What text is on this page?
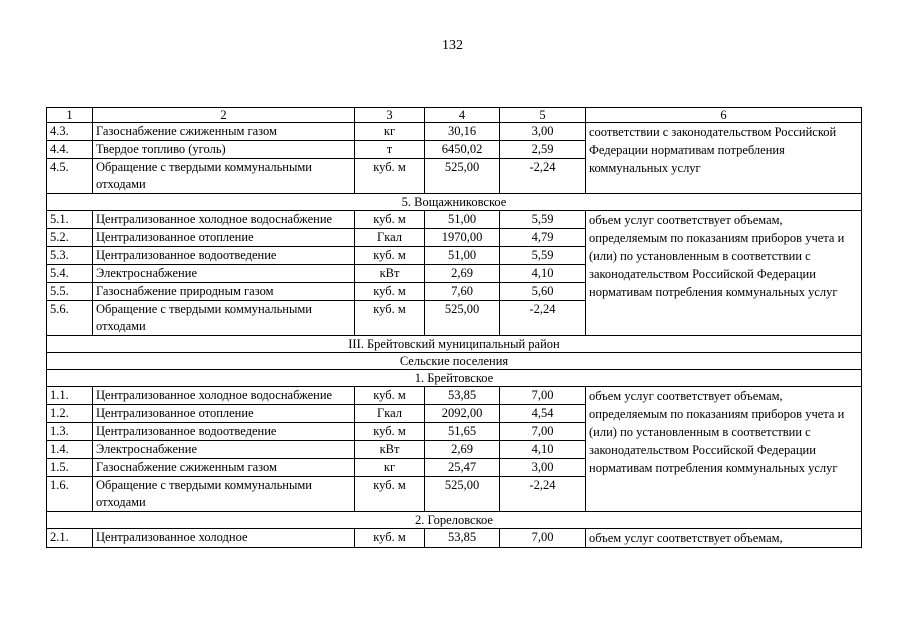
132
1	2	3	4	5	6
4.3.	Газоснабжение сжиженным газом	кг	30,16	3,00	соответствии с законодательством Российской Федерации нормативам потребления коммунальных услуг
4.4.	Твердое топливо (уголь)	т	6450,02	2,59	
4.5.	Обращение с твердыми коммунальными отходами	куб. м	525,00	-2,24	
5. Вощажниковское					
5.1.	Централизованное холодное водоснабжение	куб. м	51,00	5,59	объем услуг соответствует объемам, определяемым по показаниям приборов учета и (или) по установленным в соответствии с законодательством Российской Федерации нормативам потребления коммунальных услуг
5.2.	Централизованное отопление	Гкал	1970,00	4,79	
5.3.	Централизованное водоотведение	куб. м	51,00	5,59	
5.4.	Электроснабжение	кВт	2,69	4,10	
5.5.	Газоснабжение природным газом	куб. м	7,60	5,60	
5.6.	Обращение с твердыми коммунальными отходами	куб. м	525,00	-2,24	
III. Брейтовский муниципальный район					
Сельские поселения					
1. Брейтовское					
1.1.	Централизованное холодное водоснабжение	куб. м	53,85	7,00	объем услуг соответствует объемам, определяемым по показаниям приборов учета и (или) по установленным в соответствии с законодательством Российской Федерации нормативам потребления коммунальных услуг
1.2.	Централизованное отопление	Гкал	2092,00	4,54	
1.3.	Централизованное водоотведение	куб. м	51,65	7,00	
1.4.	Электроснабжение	кВт	2,69	4,10	
1.5.	Газоснабжение сжиженным газом	кг	25,47	3,00	
1.6.	Обращение с твердыми коммунальными отходами	куб. м	525,00	-2,24	
2. Гореловское					
2.1.	Централизованное холодное	куб. м	53,85	7,00	объем услуг соответствует объемам,
